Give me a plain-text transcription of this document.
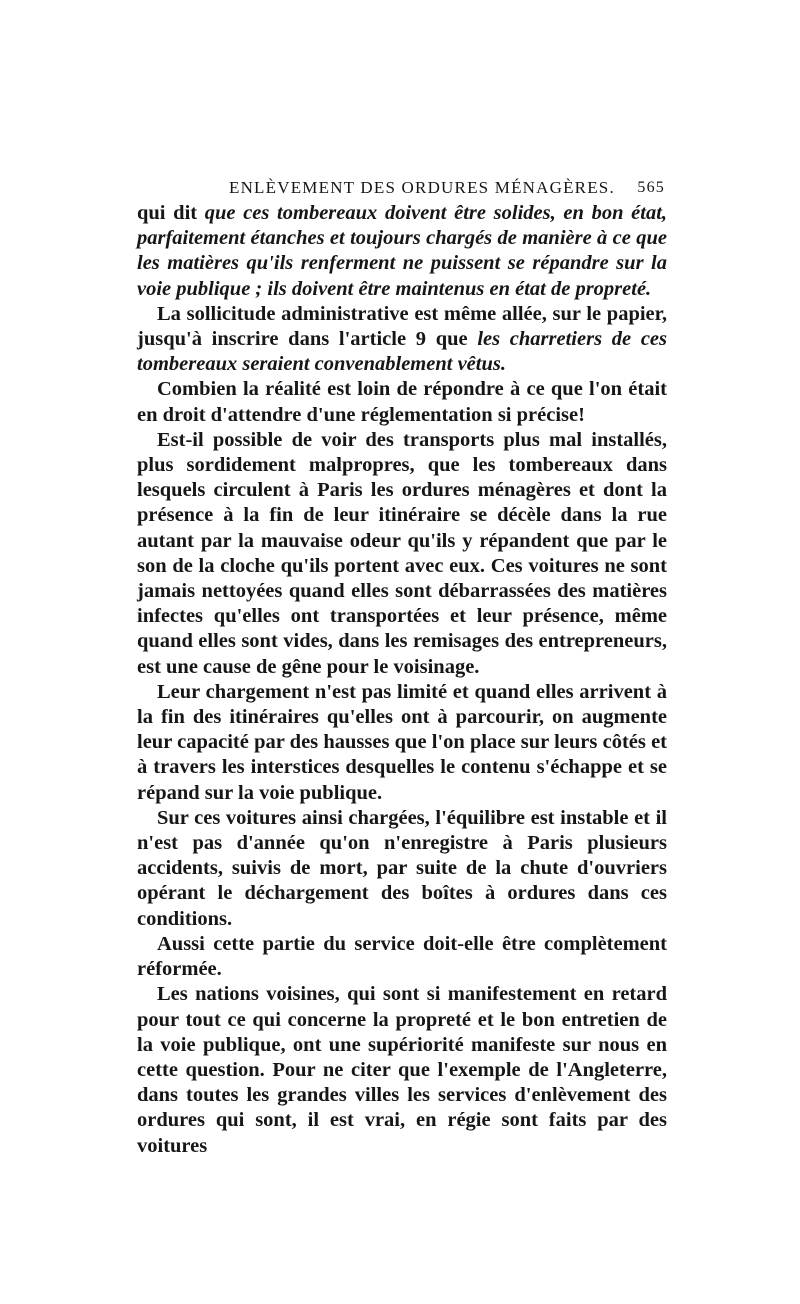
ENLÈVEMENT DES ORDURES MÉNAGÈRES. 565

qui dit que ces tombereaux doivent être solides, en bon état, parfaitement étanches et toujours chargés de manière à ce que les matières qu'ils renferment ne puissent se répandre sur la voie publique ; ils doivent être maintenus en état de propreté.

La sollicitude administrative est même allée, sur le papier, jusqu'à inscrire dans l'article 9 que les charretiers de ces tombereaux seraient convenablement vêtus.

Combien la réalité est loin de répondre à ce que l'on était en droit d'attendre d'une réglementation si précise!

Est-il possible de voir des transports plus mal installés, plus sordidement malpropres, que les tombereaux dans lesquels circulent à Paris les ordures ménagères et dont la présence à la fin de leur itinéraire se décèle dans la rue autant par la mauvaise odeur qu'ils y répandent que par le son de la cloche qu'ils portent avec eux. Ces voitures ne sont jamais nettoyées quand elles sont débarrassées des matières infectes qu'elles ont transportées et leur présence, même quand elles sont vides, dans les remisages des entrepreneurs, est une cause de gêne pour le voisinage.

Leur chargement n'est pas limité et quand elles arrivent à la fin des itinéraires qu'elles ont à parcourir, on augmente leur capacité par des hausses que l'on place sur leurs côtés et à travers les interstices desquelles le contenu s'échappe et se répand sur la voie publique.

Sur ces voitures ainsi chargées, l'équilibre est instable et il n'est pas d'année qu'on n'enregistre à Paris plusieurs accidents, suivis de mort, par suite de la chute d'ouvriers opérant le déchargement des boîtes à ordures dans ces conditions.

Aussi cette partie du service doit-elle être complètement réformée.

Les nations voisines, qui sont si manifestement en retard pour tout ce qui concerne la propreté et le bon entretien de la voie publique, ont une supériorité manifeste sur nous en cette question. Pour ne citer que l'exemple de l'Angleterre, dans toutes les grandes villes les services d'enlèvement des ordures qui sont, il est vrai, en régie sont faits par des voitures
